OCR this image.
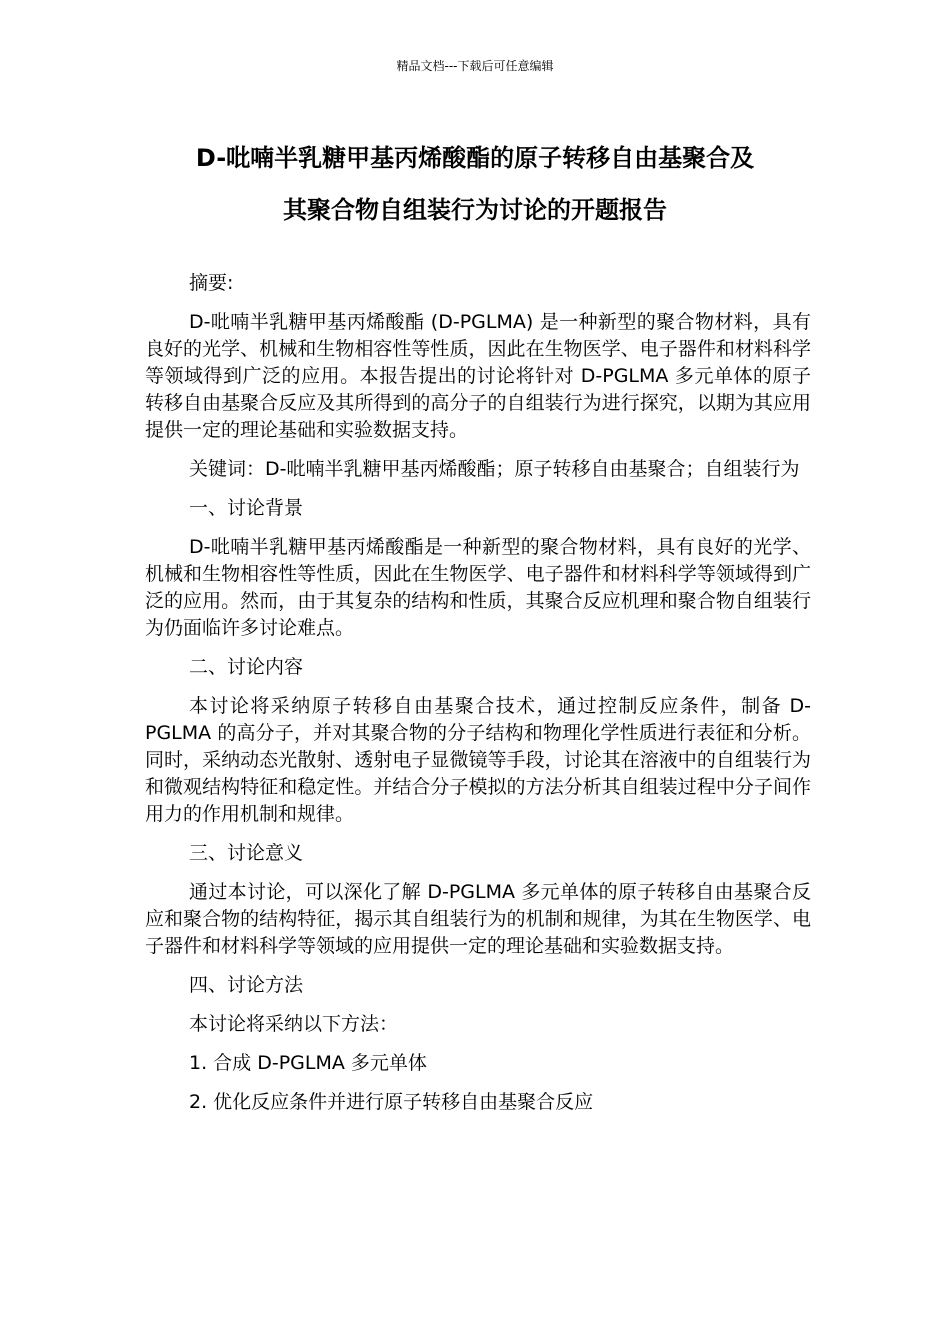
精品文档---下载后可任意编辑
D-吡喃半乳糖甲基丙烯酸酯的原子转移自由基聚合及
其聚合物自组装行为讨论的开题报告

摘要:

D-吡喃半乳糖甲基丙烯酸酯 (D-PGLMA) 是一种新型的聚合物材料，具有良好的光学、机械和生物相容性等性质，因此在生物医学、电子器件和材料科学等领域得到广泛的应用。本报告提出的讨论将针对 D-PGLMA 多元单体的原子转移自由基聚合反应及其所得到的高分子的自组装行为进行探究，以期为其应用提供一定的理论基础和实验数据支持。

关键词：D-吡喃半乳糖甲基丙烯酸酯；原子转移自由基聚合；自组装行为

一、讨论背景

D-吡喃半乳糖甲基丙烯酸酯是一种新型的聚合物材料，具有良好的光学、机械和生物相容性等性质，因此在生物医学、电子器件和材料科学等领域得到广泛的应用。然而，由于其复杂的结构和性质，其聚合反应机理和聚合物自组装行为仍面临许多讨论难点。

二、讨论内容

本讨论将采纳原子转移自由基聚合技术，通过控制反应条件，制备 D-PGLMA 的高分子，并对其聚合物的分子结构和物理化学性质进行表征和分析。同时，采纳动态光散射、透射电子显微镜等手段，讨论其在溶液中的自组装行为和微观结构特征和稳定性。并结合分子模拟的方法分析其自组装过程中分子间作用力的作用机制和规律。

三、讨论意义

通过本讨论，可以深化了解 D-PGLMA 多元单体的原子转移自由基聚合反应和聚合物的结构特征，揭示其自组装行为的机制和规律，为其在生物医学、电子器件和材料科学等领域的应用提供一定的理论基础和实验数据支持。

四、讨论方法

本讨论将采纳以下方法：

1. 合成 D-PGLMA 多元单体

2. 优化反应条件并进行原子转移自由基聚合反应
